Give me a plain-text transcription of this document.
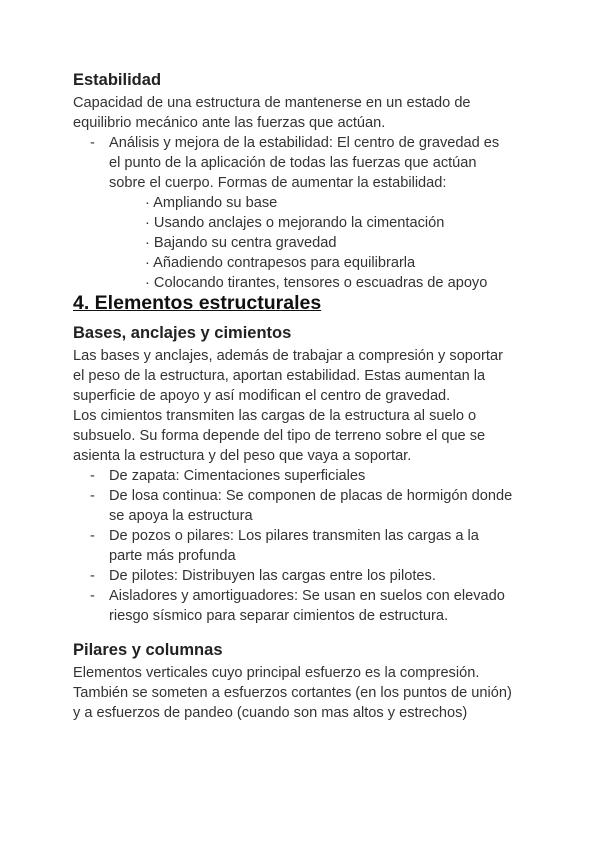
Estabilidad
Capacidad de una estructura de mantenerse en un estado de
equilibrio mecánico ante las fuerzas que actúan.
- Análisis y mejora de la estabilidad: El centro de gravedad es
el punto de la aplicación de todas las fuerzas que actúan
sobre el cuerpo. Formas de aumentar la estabilidad:
· Ampliando su base
· Usando anclajes o mejorando la cimentación
· Bajando su centra gravedad
· Añadiendo contrapesos para equilibrarla
· Colocando tirantes, tensores o escuadras de apoyo
4. Elementos estructurales
Bases, anclajes y cimientos
Las bases y anclajes, además de trabajar a compresión y soportar
el peso de la estructura, aportan estabilidad. Estas aumentan la
superficie de apoyo y así modifican el centro de gravedad.
Los cimientos transmiten las cargas de la estructura al suelo o
subsuelo. Su forma depende del tipo de terreno sobre el que se
asienta la estructura y del peso que vaya a soportar.
- De zapata: Cimentaciones superficiales
- De losa continua: Se componen de placas de hormigón donde
se apoya la estructura
- De pozos o pilares: Los pilares transmiten las cargas a la
parte más profunda
- De pilotes: Distribuyen las cargas entre los pilotes.
- Aisladores y amortiguadores: Se usan en suelos con elevado
riesgo sísmico para separar cimientos de estructura.
Pilares y columnas
Elementos verticales cuyo principal esfuerzo es la compresión.
También se someten a esfuerzos cortantes (en los puntos de unión)
y a esfuerzos de pandeo (cuando son mas altos y estrechos)
